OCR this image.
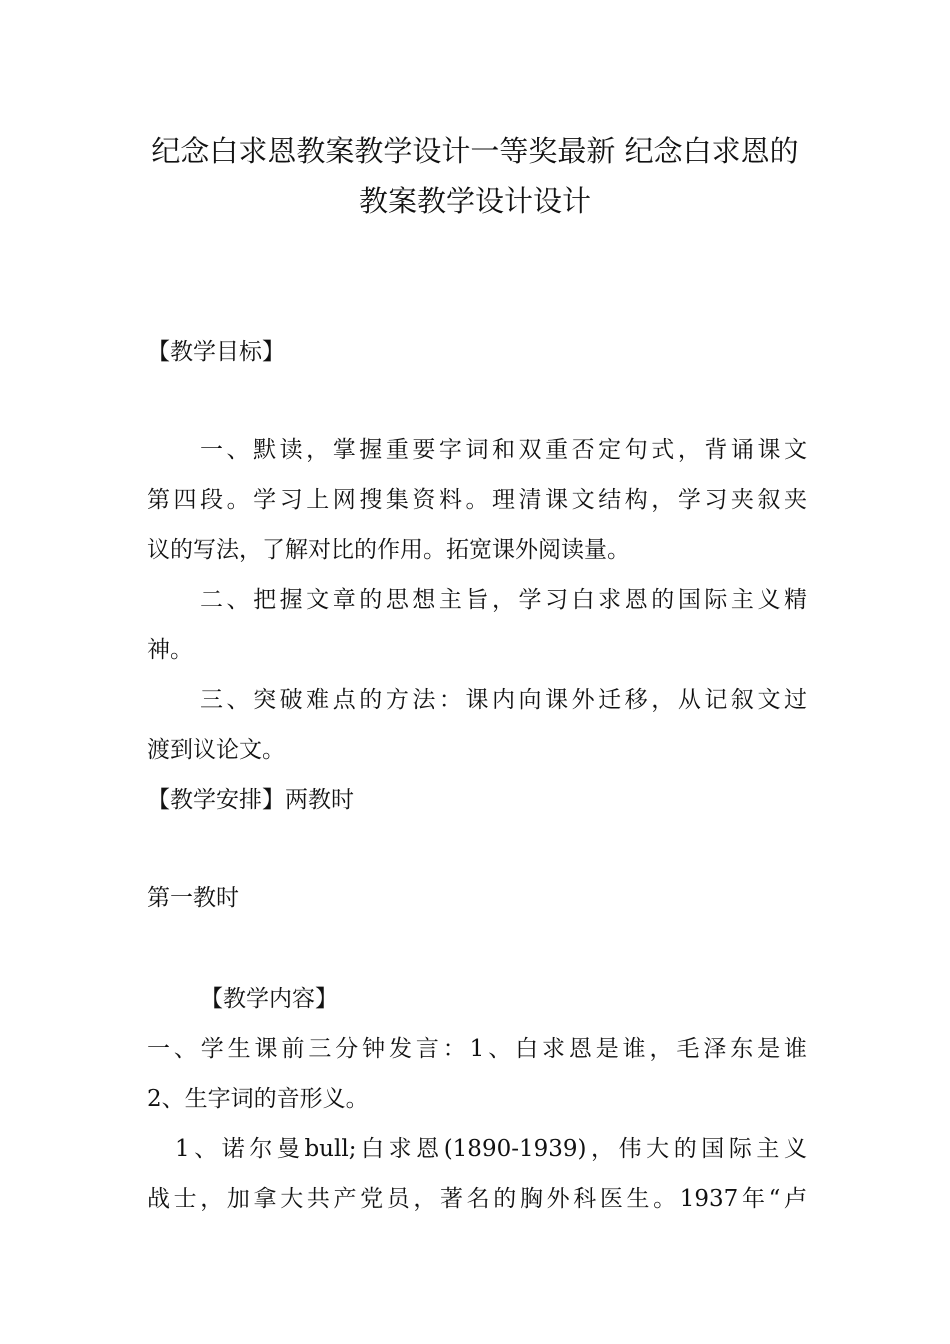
纪念白求恩教案教学设计一等奖最新 纪念白求恩的
教案教学设计设计
【教学目标】
一、默读，掌握重要字词和双重否定句式，背诵课文
第四段。学习上网搜集资料。理清课文结构，学习夹叙夹
议的写法，了解对比的作用。拓宽课外阅读量。
二、把握文章的思想主旨，学习白求恩的国际主义精
神。
三、突破难点的方法：课内向课外迁移，从记叙文过
渡到议论文。
【教学安排】两教时
第一教时
【教学内容】
一、学生课前三分钟发言：1、白求恩是谁，毛泽东是谁
2、生字词的音形义。
1、诺尔曼bull;白求恩(1890-1939)，伟大的国际主义
战士，加拿大共产党员，著名的胸外科医生。1937年“卢
